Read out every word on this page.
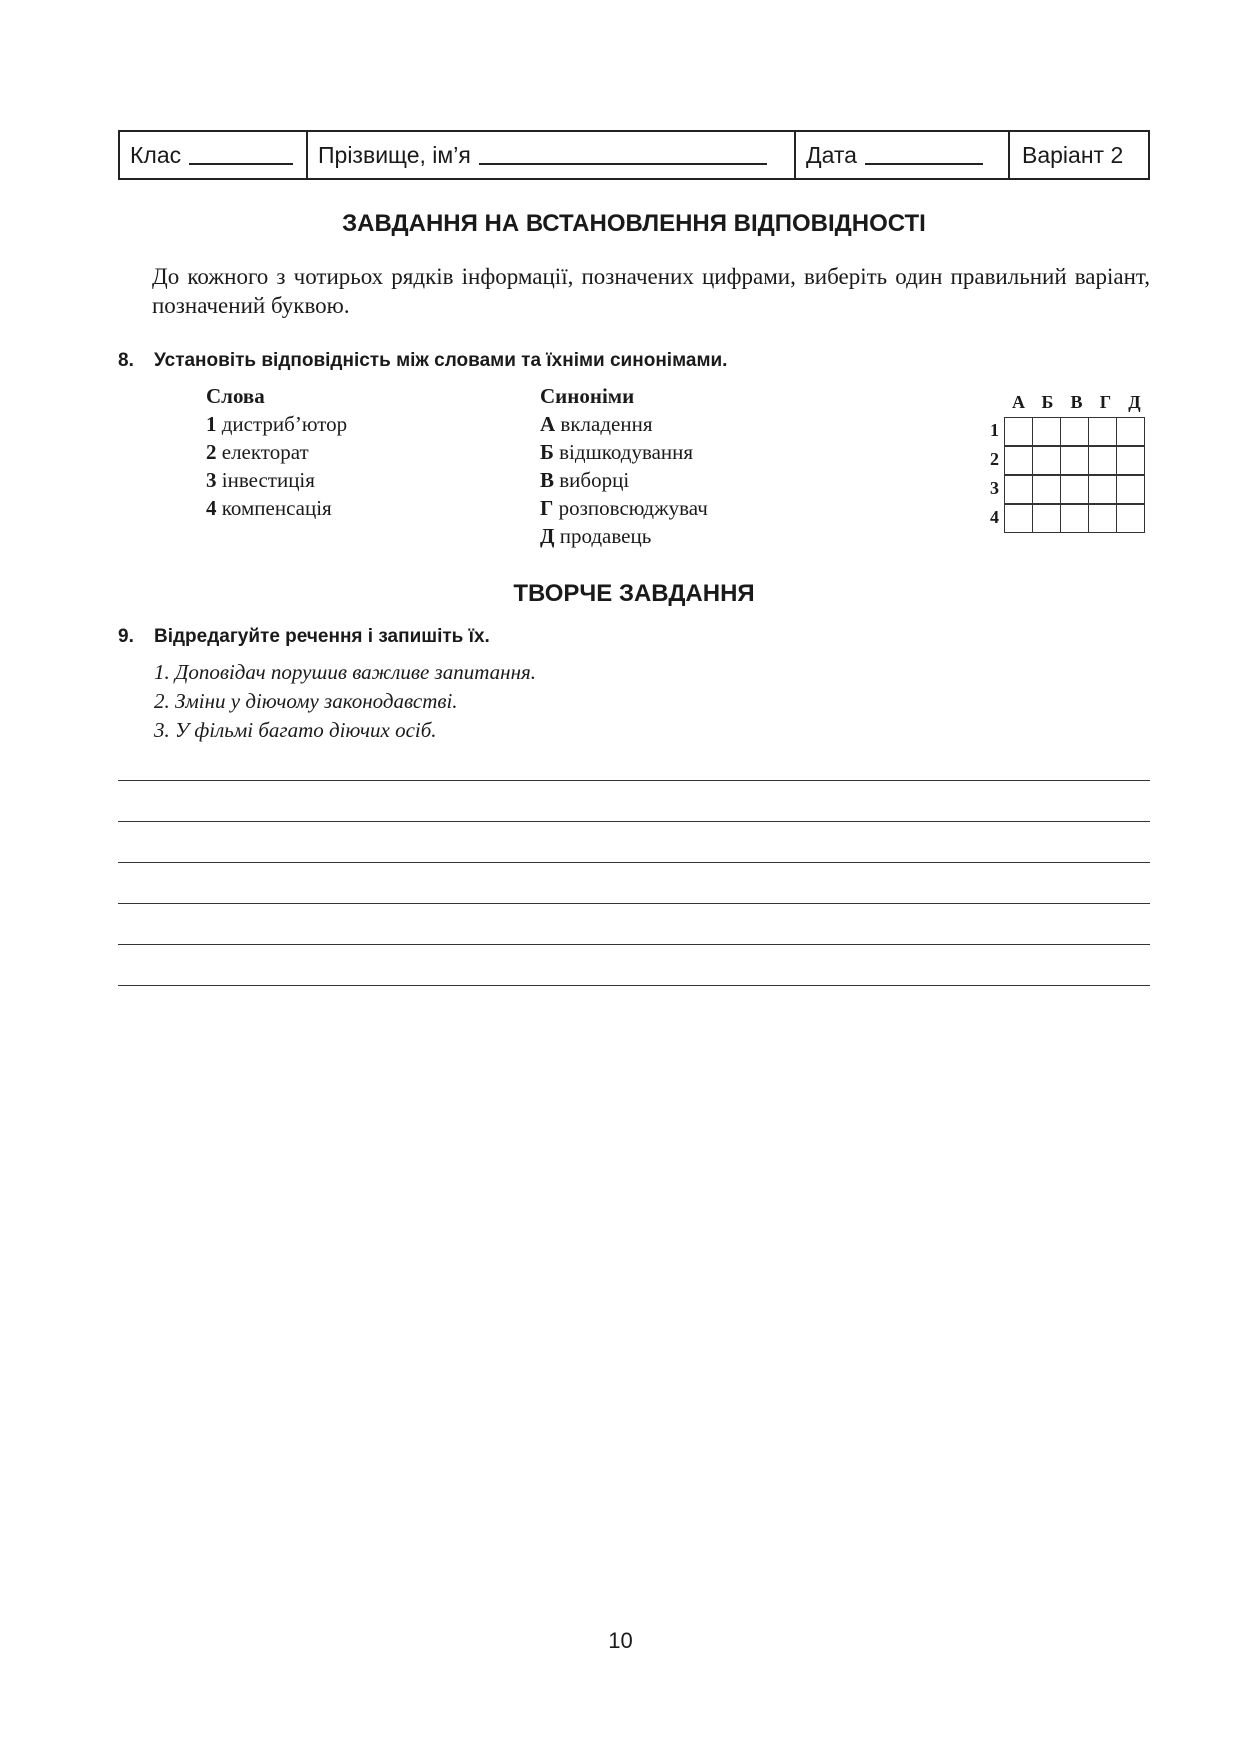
Клас	Прізвище, ім’я	Дата	Варіант 2
ЗАВДАННЯ НА ВСТАНОВЛЕННЯ ВІДПОВІДНОСТІ
До кожного з чотирьох рядків інформації, позначених цифрами, виберіть один правильний варіант, позначений буквою.
8. Установіть відповідність між словами та їхніми синонімами.
Слова
1 дистриб’ютор
2 електорат
3 інвестиція
4 компенсація
Синоніми
А вкладення
Б відшкодування
В виборці
Г розповсюджувач
Д продавець
А Б В Г Д
1
2
3
4
ТВОРЧЕ ЗАВДАННЯ
9. Відредагуйте речення і запишіть їх.
1. Доповідач порушив важливе запитання.
2. Зміни у діючому законодавстві.
3. У фільмі багато діючих осіб.
10
